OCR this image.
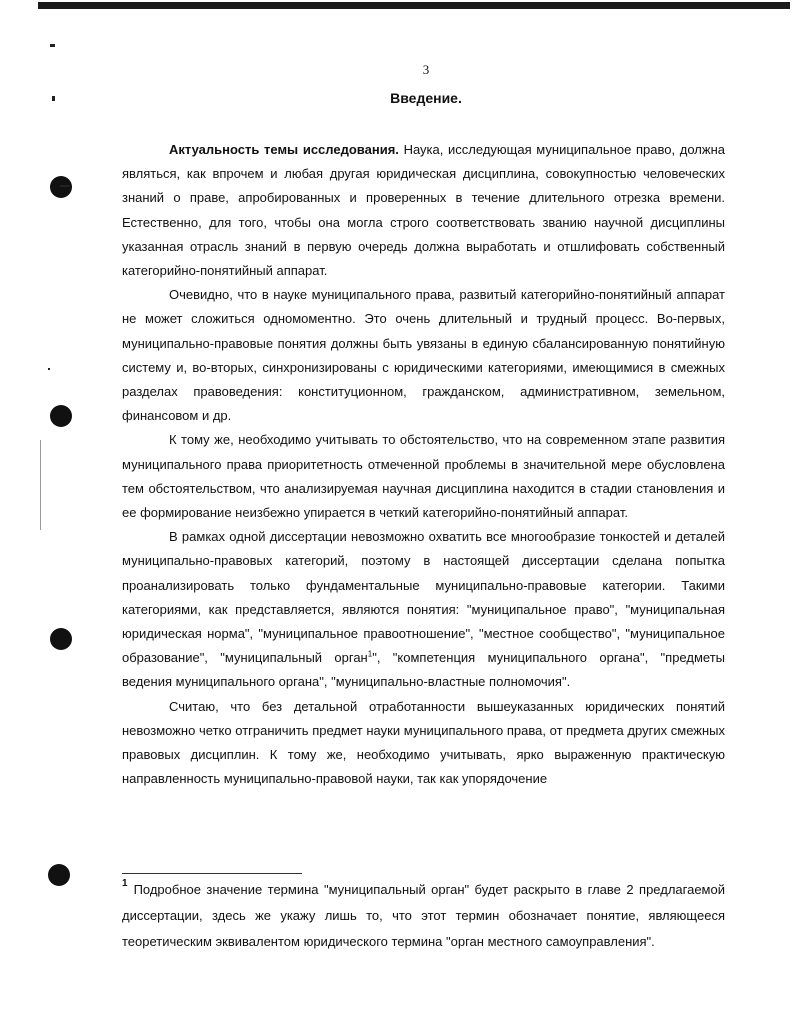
3
Введение.

Актуальность темы исследования. Наука, исследующая муниципальное право, должна являться, как впрочем и любая другая юридическая дисциплина, совокупностью человеческих знаний о праве, апробированных и проверенных в течение длительного отрезка времени. Естественно, для того, чтобы она могла строго соответствовать званию научной дисциплины указанная отрасль знаний в первую очередь должна выработать и отшлифовать собственный категорийно-понятийный аппарат.

Очевидно, что в науке муниципального права, развитый категорийно-понятийный аппарат не может сложиться одномоментно. Это очень длительный и трудный процесс. Во-первых, муниципально-правовые понятия должны быть увязаны в единую сбалансированную понятийную систему и, во-вторых, синхронизированы с юридическими категориями, имеющимися в смежных разделах правоведения: конституционном, гражданском, административном, земельном, финансовом и др.

К тому же, необходимо учитывать то обстоятельство, что на современном этапе развития муниципального права приоритетность отмеченной проблемы в значительной мере обусловлена тем обстоятельством, что анализируемая научная дисциплина находится в стадии становления и ее формирование неизбежно упирается в четкий категорийно-понятийный аппарат.

В рамках одной диссертации невозможно охватить все многообразие тонкостей и деталей муниципально-правовых категорий, поэтому в настоящей диссертации сделана попытка проанализировать только фундаментальные муниципально-правовые категории. Такими категориями, как представляется, являются понятия: "муниципальное право", "муниципальная юридическая норма", "муниципальное правоотношение", "местное сообщество", "муниципальное образование", "муниципальный орган$^1$", "компетенция муниципального органа", "предметы ведения муниципального органа", "муниципально-властные полномочия".

Считаю, что без детальной отработанности вышеуказанных юридических понятий невозможно четко отграничить предмет науки муниципального права, от предмета других смежных правовых дисциплин. К тому же, необходимо учитывать, ярко выраженную практическую направленность муниципально-правовой науки, так как упорядочение

$^1$ Подробное значение термина "муниципальный орган" будет раскрыто в главе 2 предлагаемой диссертации, здесь же укажу лишь то, что этот термин обозначает понятие, являющееся теоретическим эквивалентом юридического термина "орган местного самоуправления".
